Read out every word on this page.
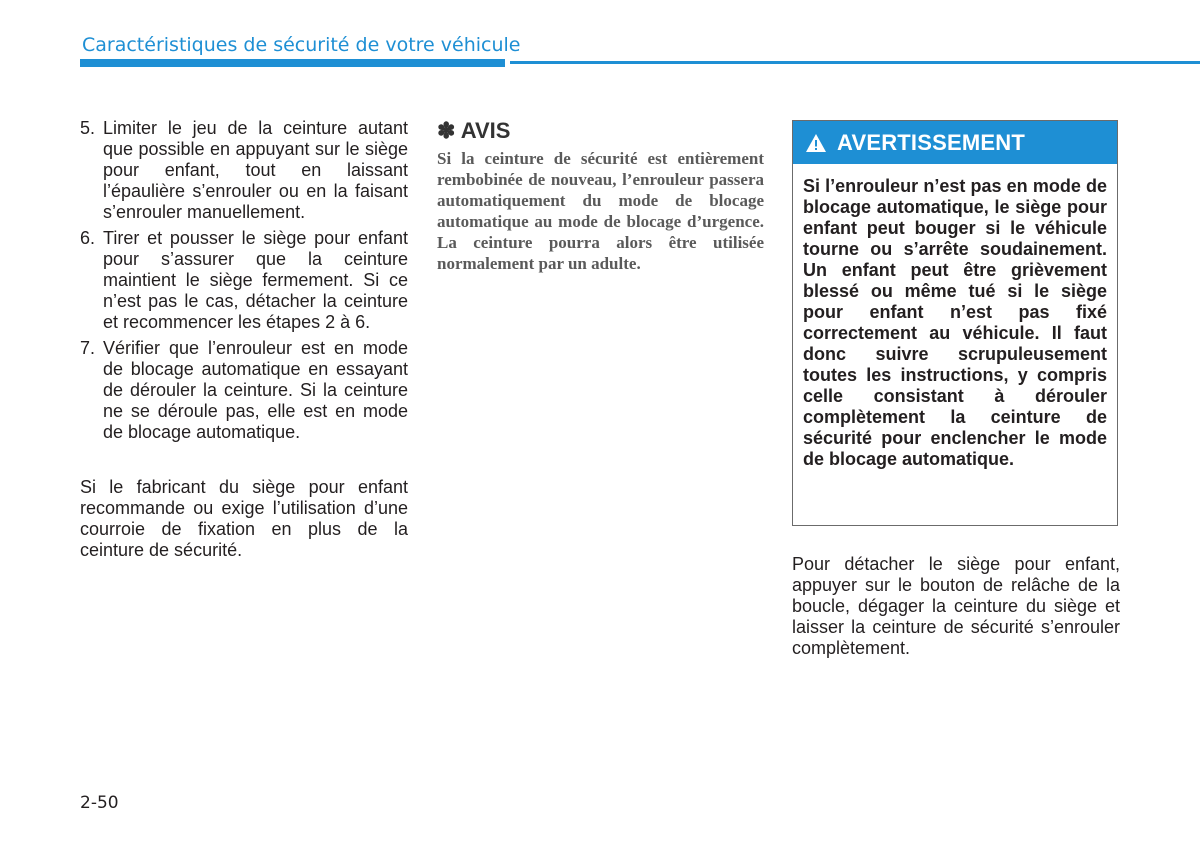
Caractéristiques de sécurité de votre véhicule
5. Limiter le jeu de la ceinture autant que possible en appuyant sur le siège pour enfant, tout en laissant l’épaulière s’enrouler ou en la faisant s’enrouler manuellement.
6. Tirer et pousser le siège pour enfant pour s’assurer que la ceinture maintient le siège fermement. Si ce n’est pas le cas, détacher la ceinture et recommencer les étapes 2 à 6.
7. Vérifier que l’enrouleur est en mode de blocage automatique en essayant de dérouler la ceinture. Si la ceinture ne se déroule pas, elle est en mode de blocage automatique.

Si le fabricant du siège pour enfant recommande ou exige l’utilisation d’une courroie de fixation en plus de la ceinture de sécurité.

✽ AVIS

Si la ceinture de sécurité est entièrement rembobinée de nouveau, l’enrouleur passera automatiquement du mode de blocage automatique au mode de blocage d’urgence. La ceinture pourra alors être utilisée normalement par un adulte.

AVERTISSEMENT
Si l’enrouleur n’est pas en mode de blocage automatique, le siège pour enfant peut bouger si le véhicule tourne ou s’arrête soudainement. Un enfant peut être grièvement blessé ou même tué si le siège pour enfant n’est pas fixé correctement au véhicule. Il faut donc suivre scrupuleusement toutes les instructions, y compris celle consistant à dérouler complètement la ceinture de sécurité pour enclencher le mode de blocage automatique.

Pour détacher le siège pour enfant, appuyer sur le bouton de relâche de la boucle, dégager la ceinture du siège et laisser la ceinture de sécurité s’enrouler complètement.

2-50
